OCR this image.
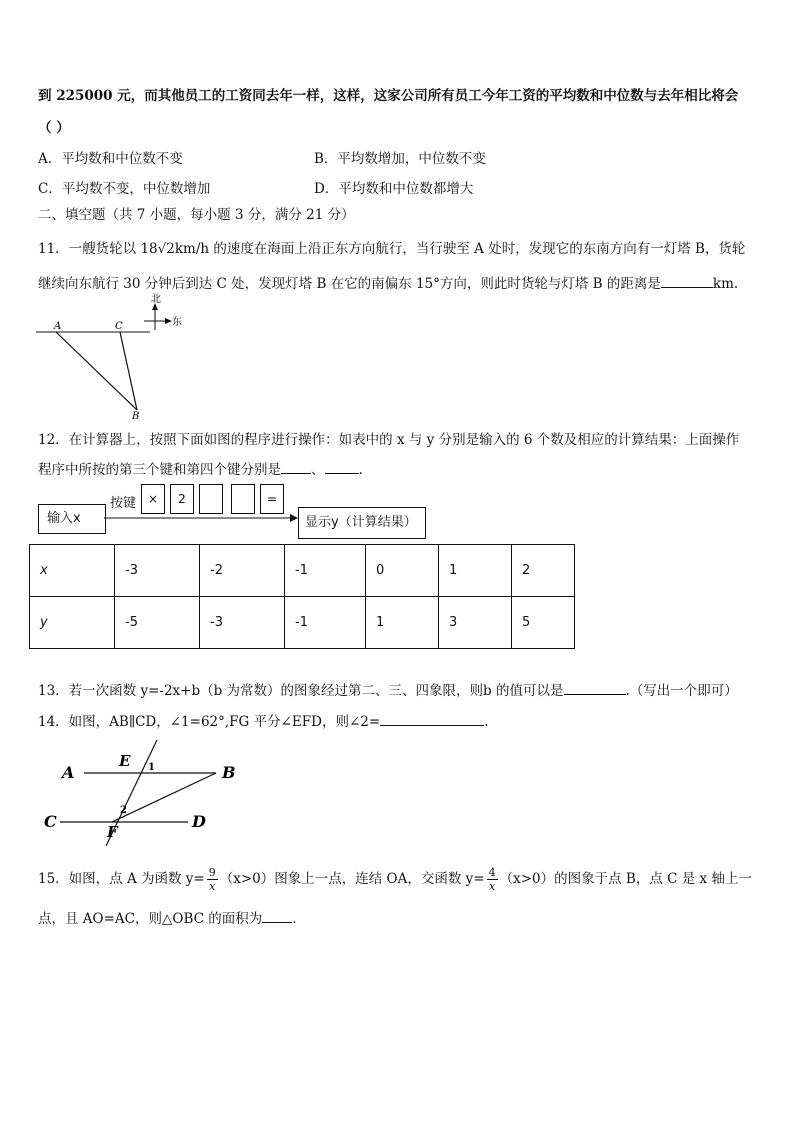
到 225000 元，而其他员工的工资同去年一样，这样，这家公司所有员工今年工资的平均数和中位数与去年相比将会
（ ）
A．平均数和中位数不变	B．平均数增加，中位数不变
C．平均数不变，中位数增加	D．平均数和中位数都增大
二、填空题（共 7 小题，每小题 3 分，满分 21 分）
11．一艘货轮以 18√2km/h 的速度在海面上沿正东方向航行，当行驶至 A 处时，发现它的东南方向有一灯塔 B，货轮
继续向东航行 30 分钟后到达 C 处，发现灯塔 B 在它的南偏东 15°方向，则此时货轮与灯塔 B 的距离是	km.
北
东
A	C
B
12．在计算器上，按照下面如图的程序进行操作：如表中的 x 与 y 分别是输入的 6 个数及相应的计算结果：上面操作
程序中所按的第三个键和第四个键分别是 、	.
输入x
按键 ×	2	=
显示y（计算结果）
x	-3	-2	-1	0	1	2
y	-5	-3	-1	1	3	5
13．若一次函数 y=-2x+b（b 为常数）的图象经过第二、三、四象限，则b 的值可以是	.（写出一个即可）
14．如图，AB∥CD，∠1=62°,FG 平分∠EFD，则∠2=	.
A	B
C	D
E
F
1
2
15．如图，点 A 为函数 $y= \frac{9}{x} (x>0)$图象上一点，连结 OA，交函数 $y= \frac{4}{x} (x>0)$的图象于点 B，点 C 是 x 轴上一
点，且 AO=AC，则△OBC 的面积为 .
